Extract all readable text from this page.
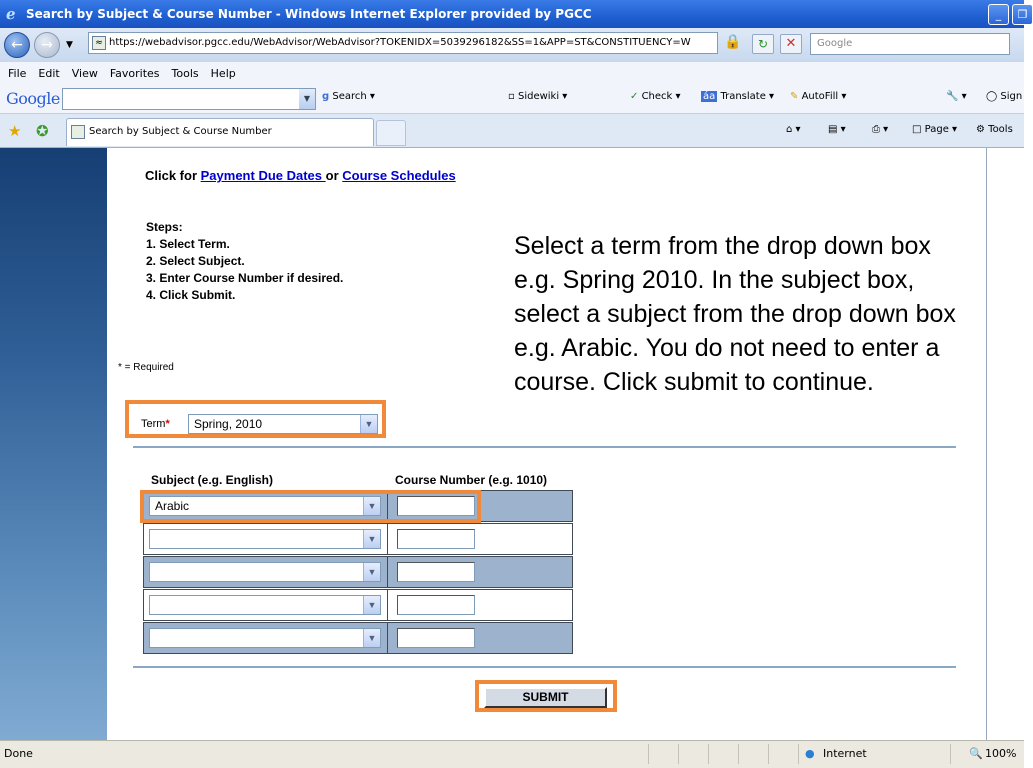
ℯ Search by Subject & Course Number - Windows Internet Explorer provided by PGCC	_	❐
←	→	▼	≈ https://webadvisor.pgcc.edu/WebAdvisor/WebAdvisor?TOKENIDX=5039296182&SS=1&APP=ST&CONSTITUENCY=W	🔒	↻	✕	Google
File Edit View Favorites Tools Help
Google	▼	g Search ▾	▫ Sidewiki ▾	✓ Check ▾ áa Translate ▾ ✎ AutoFill ▾	🔧 ▾ ◯ Sign
★ ✪	Search by Subject & Course Number	⌂ ▾	▤ ▾	⎙ ▾ □ Page ▾ ⚙ Tools
Click for Payment Due Dates or Course Schedules
Steps:
1. Select Term.
2. Select Subject.
3. Enter Course Number if desired.
4. Click Submit.
* = Required
Select a term from the drop down box e.g. Spring 2010. In the subject box, select a subject from the drop down box e.g. Arabic. You do not need to enter a course. Click submit to continue.
Term*	Spring, 2010	▼
Subject (e.g. English)	Course Number (e.g. 1010)
Arabic	▼
▼
▼
▼
▼
SUBMIT
Done	● Internet	🔍 100%
